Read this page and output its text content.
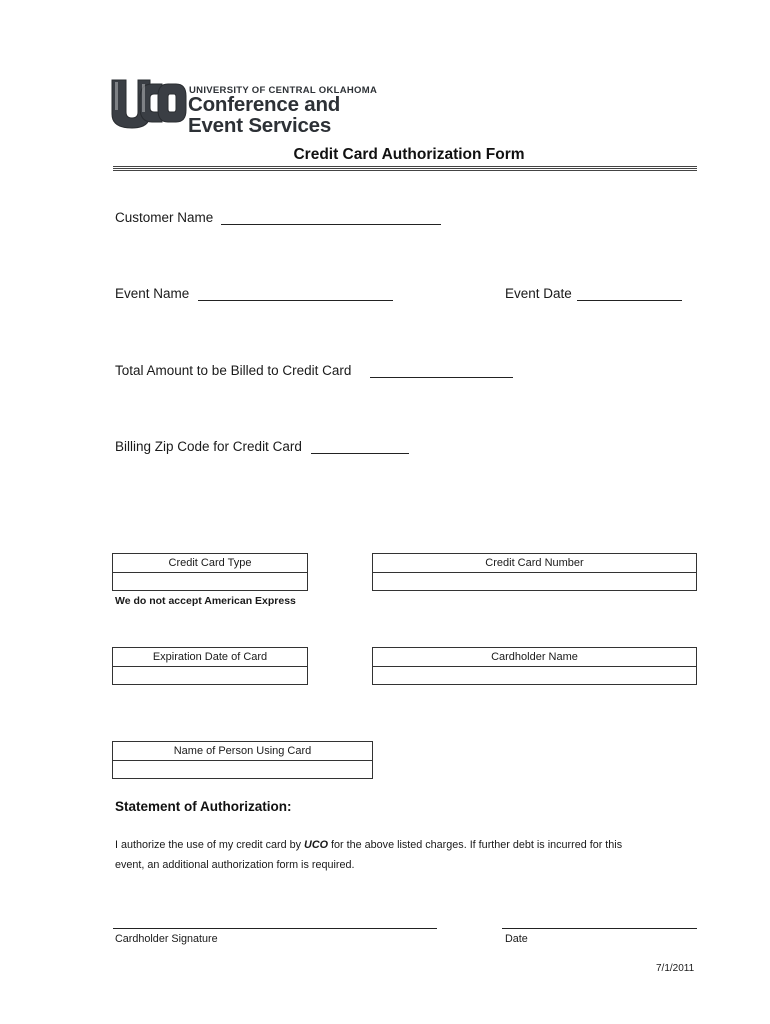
UNIVERSITY OF CENTRAL OKLAHOMA
Conference and
Event Services
Credit Card Authorization Form
Customer Name
Event Name	Event Date
Total Amount to be Billed to Credit Card
Billing Zip Code for Credit Card
Credit Card Type	Credit Card Number
We do not accept American Express
Expiration Date of Card	Cardholder Name
Name of Person Using Card
Statement of Authorization:
I authorize the use of my credit card by UCO for the above listed charges. If further debt is incurred for this event, an additional authorization form is required.
Cardholder Signature	Date
7/1/2011
